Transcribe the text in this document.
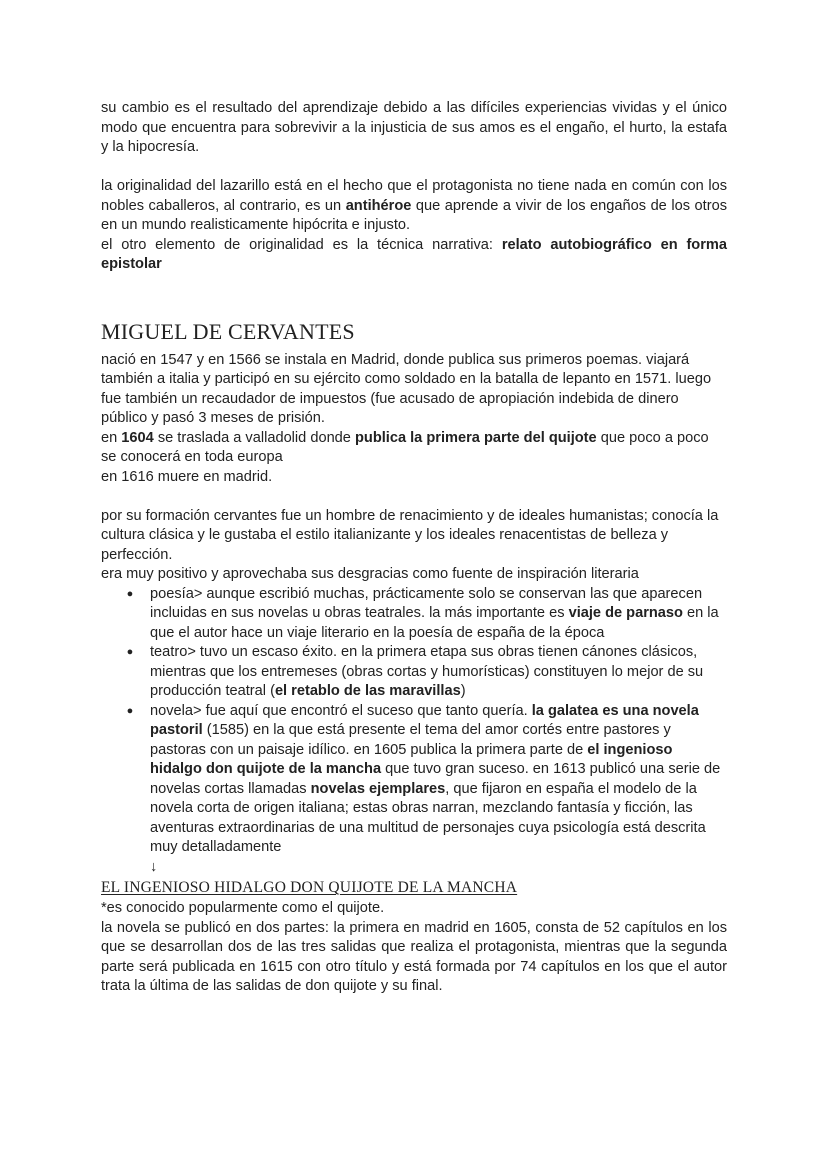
su cambio es el resultado del aprendizaje debido a las difíciles experiencias vividas y el único modo que encuentra para sobrevivir a la injusticia de sus amos es el engaño, el hurto, la estafa y la hipocresía.

la originalidad del lazarillo está en el hecho que el protagonista no tiene nada en común con los nobles caballeros, al contrario, es un antihéroe que aprende a vivir de los engaños de los otros en un mundo realisticamente hipócrita e injusto.

el otro elemento de originalidad es la técnica narrativa: relato autobiográfico en forma epistolar

MIGUEL DE CERVANTES

nació en 1547 y en 1566 se instala en Madrid, donde publica sus primeros poemas. viajará también a italia y participó en su ejército como soldado en la batalla de lepanto en 1571. luego fue también un recaudador de impuestos (fue acusado de apropiación indebida de dinero público y pasó 3 meses de prisión.

en 1604 se traslada a valladolid donde publica la primera parte del quijote que poco a poco se conocerá en toda europa

en 1616 muere en madrid.

por su formación cervantes fue un hombre de renacimiento y de ideales humanistas; conocía la cultura clásica y le gustaba el estilo italianizante y los ideales renacentistas de belleza y perfección.

era muy positivo y aprovechaba sus desgracias como fuente de inspiración literaria

● poesía> aunque escribió muchas, prácticamente solo se conservan las que aparecen incluidas en sus novelas u obras teatrales. la más importante es viaje de parnaso en la que el autor hace un viaje literario en la poesía de españa de la época
● teatro> tuvo un escaso éxito. en la primera etapa sus obras tienen cánones clásicos, mientras que los entremeses (obras cortas y humorísticas) constituyen lo mejor de su producción teatral (el retablo de las maravillas)
● novela> fue aquí que encontró el suceso que tanto quería. la galatea es una novela pastoril (1585) en la que está presente el tema del amor cortés entre pastores y pastoras con un paisaje idílico. en 1605 publica la primera parte de el ingenioso hidalgo don quijote de la mancha que tuvo gran suceso. en 1613 publicó una serie de novelas cortas llamadas novelas ejemplares, que fijaron en españa el modelo de la novela corta de origen italiana; estas obras narran, mezclando fantasía y ficción, las aventuras extraordinarias de una multitud de personajes cuya psicología está descrita muy detalladamente
↓
EL INGENIOSO HIDALGO DON QUIJOTE DE LA MANCHA

*es conocido popularmente como el quijote.

la novela se publicó en dos partes: la primera en madrid en 1605, consta de 52 capítulos en los que se desarrollan dos de las tres salidas que realiza el protagonista, mientras que la segunda parte será publicada en 1615 con otro título y está formada por 74 capítulos en los que el autor trata la última de las salidas de don quijote y su final.
